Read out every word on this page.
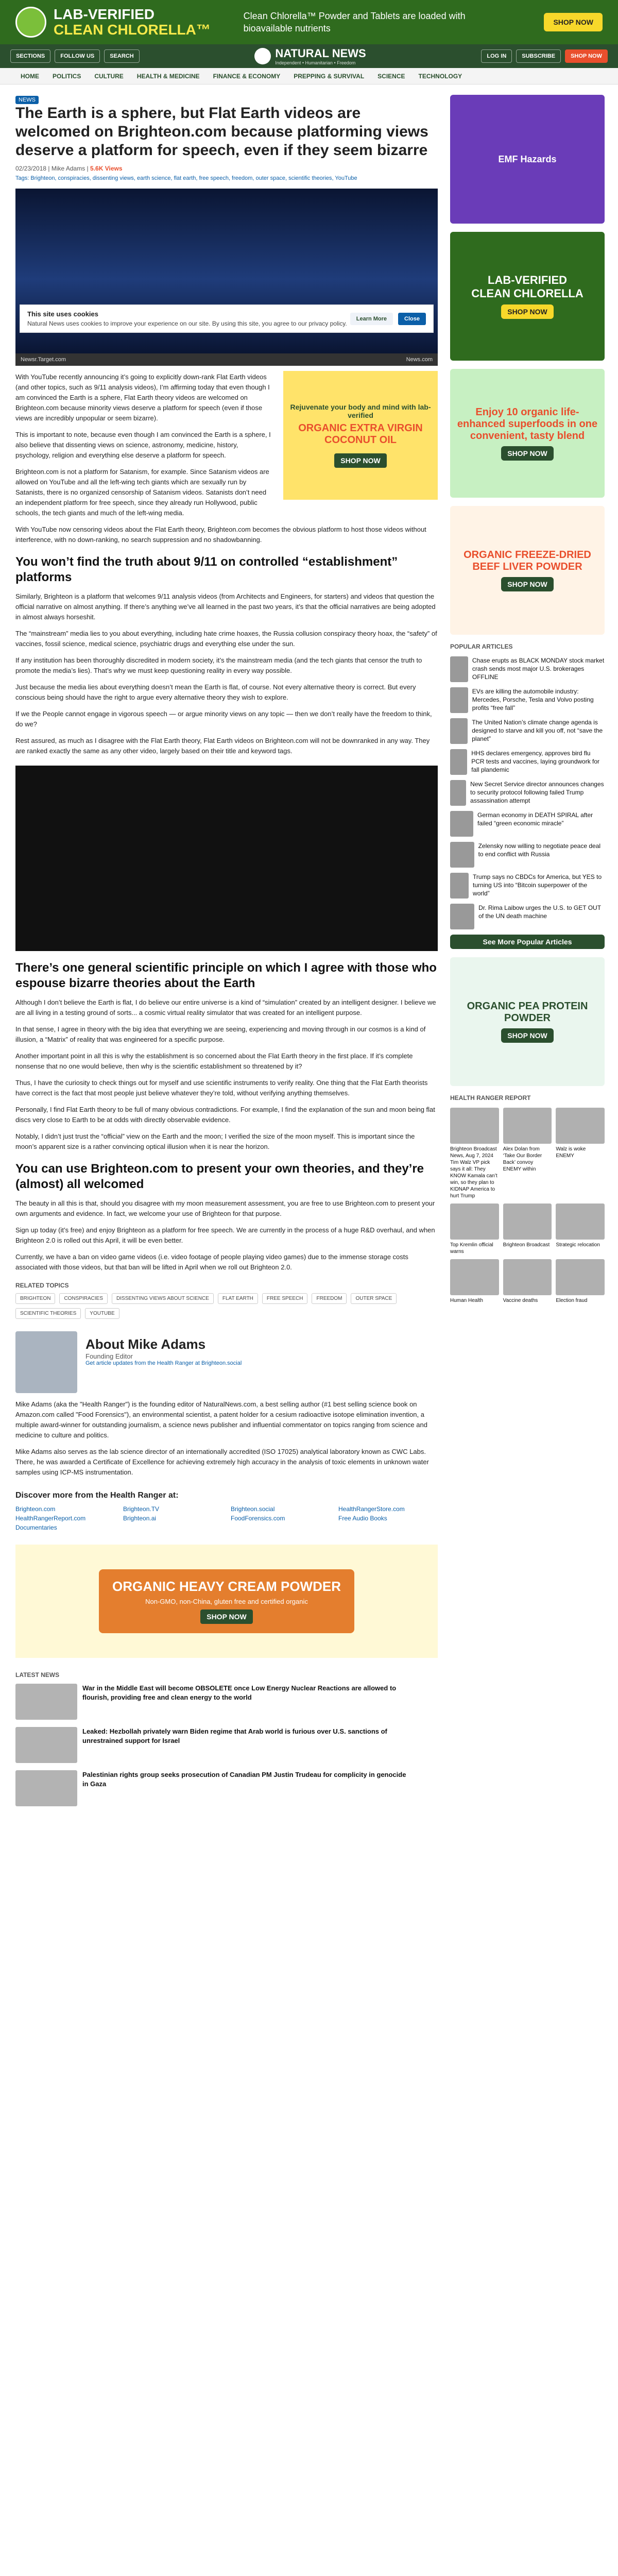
LAB-VERIFIED
CLEAN CHLORELLA™
Clean Chlorella™ Powder and Tablets are loaded with bioavailable nutrients
SHOP NOW
SECTIONS	FOLLOW US	SEARCH	NATURAL NEWS
Independent • Humanitarian • Freedom
LOG IN	SUBSCRIBE	SHOP NOW
HOME POLITICS CULTURE HEALTH & MEDICINE FINANCE & ECONOMY PREPPING & SURVIVAL SCIENCE TECHNOLOGY
NEWS
The Earth is a sphere, but Flat Earth videos are welcomed on Brighteon.com because platforming views deserve a platform for speech, even if they seem bizarre
02/23/2018 | Mike Adams | 5.6K Views
Tags: Brighteon, conspiracies, dissenting views, earth science, flat earth, free speech, freedom, outer space, scientific theories, YouTube
This site uses cookies
Natural News uses cookies to improve your experience on our site. By using this site, you agree to our privacy policy.
Learn More	Close
Newsr.Target.com	News.com
Rejuvenate your body and mind with lab-verified
ORGANIC EXTRA VIRGIN COCONUT OIL
SHOP NOW

With YouTube recently announcing it’s going to explicitly down-rank Flat Earth videos (and other topics, such as 9/11 analysis videos), I’m affirming today that even though I am convinced the Earth is a sphere, Flat Earth theory videos are welcomed on Brighteon.com because minority views deserve a platform for speech (even if those views are incredibly unpopular or seem bizarre).

This is important to note, because even though I am convinced the Earth is a sphere, I also believe that dissenting views on science, astronomy, medicine, history, psychology, religion and everything else deserve a platform for speech.

Brighteon.com is not a platform for Satanism, for example. Since Satanism videos are allowed on YouTube and all the left-wing tech giants which are sexually run by Satanists, there is no organized censorship of Satanism videos. Satanists don’t need an independent platform for free speech, since they already run Hollywood, public schools, the tech giants and much of the left-wing media.

With YouTube now censoring videos about the Flat Earth theory, Brighteon.com becomes the obvious platform to host those videos without interference, with no down-ranking, no search suppression and no shadowbanning.

You won’t find the truth about 9/11 on controlled “establishment” platforms

Similarly, Brighteon is a platform that welcomes 9/11 analysis videos (from Architects and Engineers, for starters) and videos that question the official narrative on almost anything. If there’s anything we’ve all learned in the past two years, it’s that the official narratives are being adopted in almost always horseshit.

The “mainstream” media lies to you about everything, including hate crime hoaxes, the Russia collusion conspiracy theory hoax, the “safety” of vaccines, fossil science, medical science, psychiatric drugs and everything else under the sun.

If any institution has been thoroughly discredited in modern society, it’s the mainstream media (and the tech giants that censor the truth to promote the media’s lies). That’s why we must keep questioning reality in every way possible.

Just because the media lies about everything doesn’t mean the Earth is flat, of course. Not every alternative theory is correct. But every conscious being should have the right to argue every alternative theory they wish to explore.

If we the People cannot engage in vigorous speech — or argue minority views on any topic — then we don’t really have the freedom to think, do we?

Rest assured, as much as I disagree with the Flat Earth theory, Flat Earth videos on Brighteon.com will not be downranked in any way. They are ranked exactly the same as any other video, largely based on their title and keyword tags.

There’s one general scientific principle on which I agree with those who espouse bizarre theories about the Earth

Although I don’t believe the Earth is flat, I do believe our entire universe is a kind of “simulation” created by an intelligent designer. I believe we are all living in a testing ground of sorts... a cosmic virtual reality simulator that was created for an intelligent purpose.

In that sense, I agree in theory with the big idea that everything we are seeing, experiencing and moving through in our cosmos is a kind of illusion, a “Matrix” of reality that was engineered for a specific purpose.

Another important point in all this is why the establishment is so concerned about the Flat Earth theory in the first place. If it’s complete nonsense that no one would believe, then why is the scientific establishment so threatened by it?

Thus, I have the curiosity to check things out for myself and use scientific instruments to verify reality. One thing that the Flat Earth theorists have correct is the fact that most people just believe whatever they’re told, without verifying anything themselves.

Personally, I find Flat Earth theory to be full of many obvious contradictions. For example, I find the explanation of the sun and moon being flat discs very close to Earth to be at odds with directly observable evidence.

Notably, I didn’t just trust the “official” view on the Earth and the moon; I verified the size of the moon myself. This is important since the moon’s apparent size is a rather convincing optical illusion when it is near the horizon.

You can use Brighteon.com to present your own theories, and they’re (almost) all welcomed

The beauty in all this is that, should you disagree with my moon measurement assessment, you are free to use Brighteon.com to present your own arguments and evidence. In fact, we welcome your use of Brighteon for that purpose.

Sign up today (it’s free) and enjoy Brighteon as a platform for free speech. We are currently in the process of a huge R&D overhaul, and when Brighteon 2.0 is rolled out this April, it will be even better.

Currently, we have a ban on video game videos (i.e. video footage of people playing video games) due to the immense storage costs associated with those videos, but that ban will be lifted in April when we roll out Brighteon 2.0.

RELATED TOPICS
BRIGHTEON	CONSPIRACIES	DISSENTING VIEWS ABOUT SCIENCE	FLAT EARTH	FREE SPEECH	FREEDOM	OUTER SPACE
SCIENTIFIC THEORIES	YOUTUBE
About Mike Adams
Founding Editor
Get article updates from the Health Ranger at Brighteon.social

Mike Adams (aka the "Health Ranger") is the founding editor of NaturalNews.com, a best selling author (#1 best selling science book on Amazon.com called "Food Forensics"), an environmental scientist, a patent holder for a cesium radioactive isotope elimination invention, a multiple award-winner for outstanding journalism, a science news publisher and influential commentator on topics ranging from science and medicine to culture and politics.

Mike Adams also serves as the lab science director of an internationally accredited (ISO 17025) analytical laboratory known as CWC Labs. There, he was awarded a Certificate of Excellence for achieving extremely high accuracy in the analysis of toxic elements in unknown water samples using ICP-MS instrumentation.

Discover more from the Health Ranger at:
Brighteon.com	Brighteon.TV	Brighteon.social	HealthRangerStore.com
HealthRangerReport.com	Brighteon.ai	FoodForensics.com	Free Audio Books
Documentaries
ORGANIC HEAVY CREAM POWDER
Non-GMO, non-China, gluten free and certified organic
SHOP NOW
LATEST NEWS
War in the Middle East will become OBSOLETE once Low Energy Nuclear Reactions are allowed to flourish, providing free and clean energy to the world
Leaked: Hezbollah privately warn Biden regime that Arab world is furious over U.S. sanctions of unrestrained support for Israel
Palestinian rights group seeks prosecution of Canadian PM Justin Trudeau for complicity in genocide in Gaza
EMF Hazards
LAB-VERIFIED
CLEAN CHLORELLA
SHOP NOW
Enjoy 10 organic life-enhanced superfoods in one convenient, tasty blend
SHOP NOW
ORGANIC FREEZE-DRIED BEEF LIVER POWDER
SHOP NOW
POPULAR ARTICLES
Chase erupts as BLACK MONDAY stock market crash sends most major U.S. brokerages OFFLINE
EVs are killing the automobile industry: Mercedes, Porsche, Tesla and Volvo posting profits “free fall”
The United Nation’s climate change agenda is designed to starve and kill you off, not “save the planet”
HHS declares emergency, approves bird flu PCR tests and vaccines, laying groundwork for fall plandemic
New Secret Service director announces changes to security protocol following failed Trump assassination attempt
German economy in DEATH SPIRAL after failed “green economic miracle”
Zelensky now willing to negotiate peace deal to end conflict with Russia
Trump says no CBDCs for America, but YES to turning US into “Bitcoin superpower of the world”
Dr. Rima Laibow urges the U.S. to GET OUT of the UN death machine
See More Popular Articles
ORGANIC PEA PROTEIN POWDER
SHOP NOW
HEALTH RANGER REPORT
Brighteon Broadcast News, Aug 7, 2024 Tim Walz VP pick says it all: They KNOW Kamala can’t win, so they plan to KIDNAP America to hurt Trump
Alex Dolan from ‘Take Our Border Back’ convoy ENEMY within
Walz is woke ENEMY
Top Kremlin official warns
Brighteon Broadcast	Strategic relocation
Human Health	Vaccine deaths	Election fraud
